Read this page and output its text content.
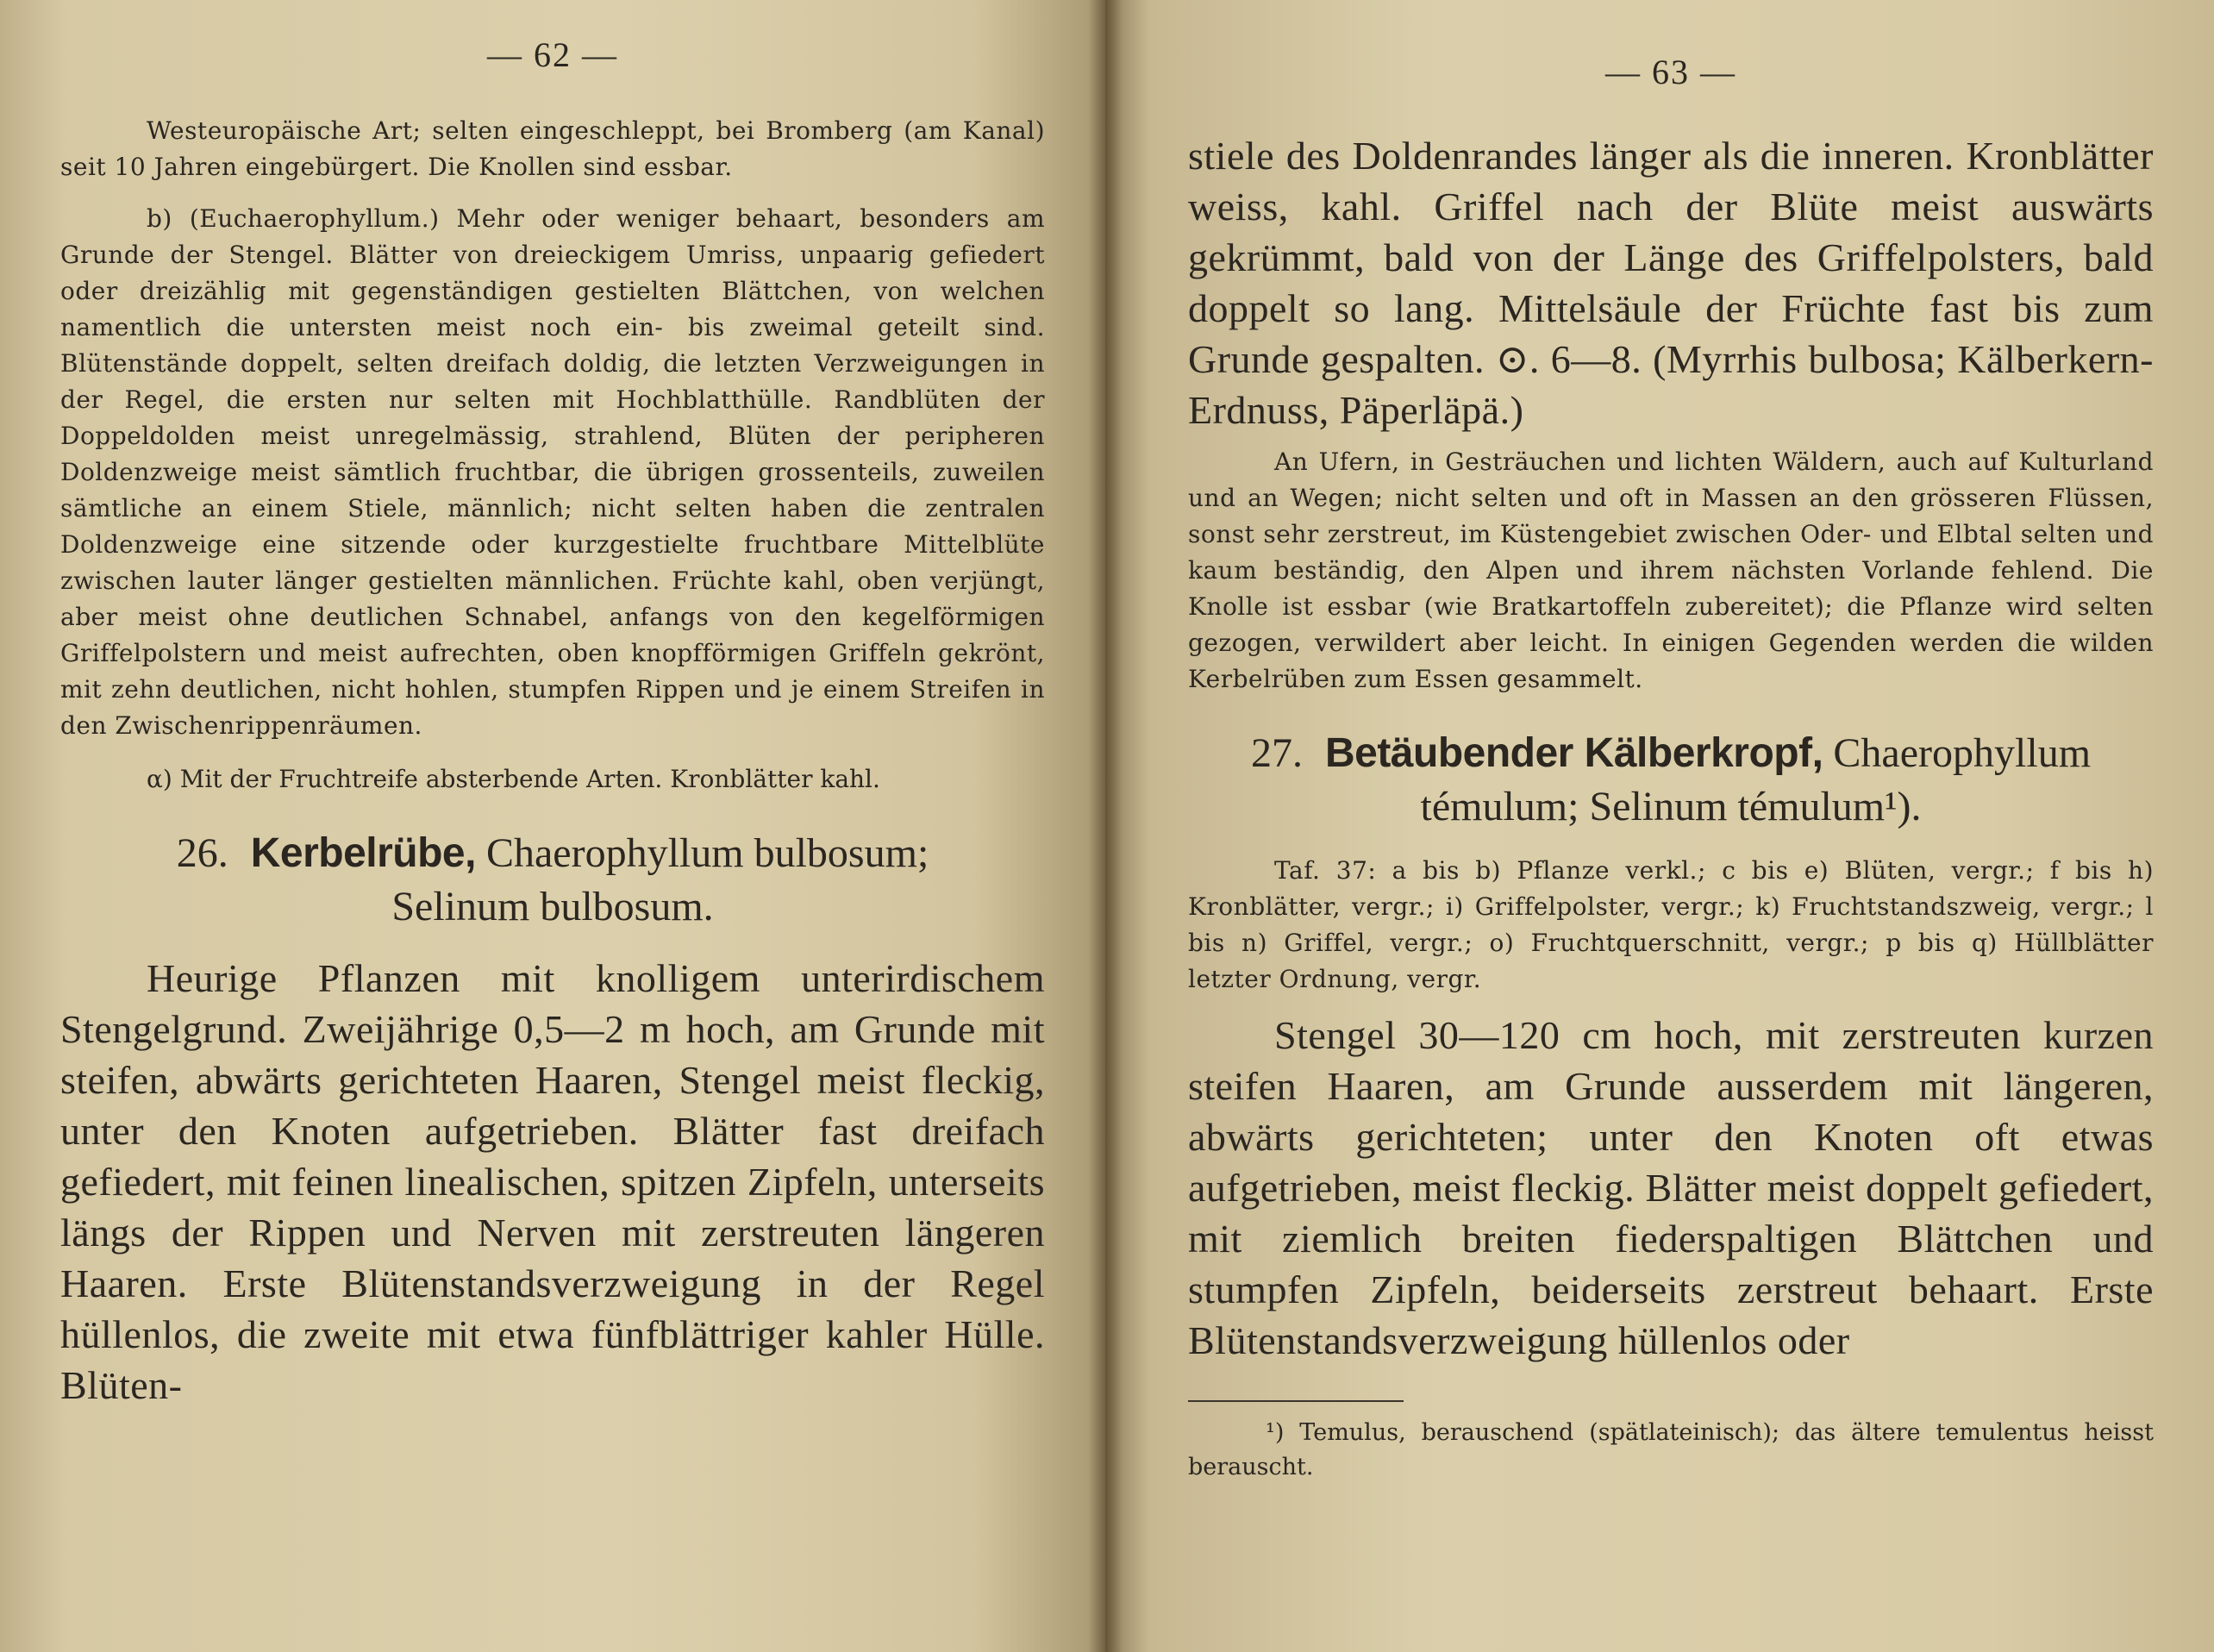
— 62 —

Westeuropäische Art; selten eingeschleppt, bei Bromberg (am Kanal) seit 10 Jahren eingebürgert. Die Knollen sind essbar.

b) (Euchaerophyllum.) Mehr oder weniger behaart, besonders am Grunde der Stengel. Blätter von dreieckigem Umriss, unpaarig gefiedert oder dreizählig mit gegenständigen gestielten Blättchen, von welchen namentlich die untersten meist noch ein- bis zweimal geteilt sind. Blütenstände doppelt, selten dreifach doldig, die letzten Verzweigungen in der Regel, die ersten nur selten mit Hochblatthülle. Randblüten der Doppeldolden meist unregelmässig, strahlend, Blüten der peripheren Doldenzweige meist sämtlich fruchtbar, die übrigen grossenteils, zuweilen sämtliche an einem Stiele, männlich; nicht selten haben die zentralen Doldenzweige eine sitzende oder kurzgestielte fruchtbare Mittelblüte zwischen lauter länger gestielten männlichen. Früchte kahl, oben verjüngt, aber meist ohne deutlichen Schnabel, anfangs von den kegelförmigen Griffelpolstern und meist aufrechten, oben knopfförmigen Griffeln gekrönt, mit zehn deutlichen, nicht hohlen, stumpfen Rippen und je einem Streifen in den Zwischenrippenräumen.

α) Mit der Fruchtreife absterbende Arten. Kronblätter kahl.

26. Kerbelrübe, Chaerophyllum bulbosum;
Selinum bulbosum.

Heurige Pflanzen mit knolligem unterirdischem Stengelgrund. Zweijährige 0,5—2 m hoch, am Grunde mit steifen, abwärts gerichteten Haaren, Stengel meist fleckig, unter den Knoten aufgetrieben. Blätter fast dreifach gefiedert, mit feinen linealischen, spitzen Zipfeln, unterseits längs der Rippen und Nerven mit zerstreuten längeren Haaren. Erste Blütenstandsverzweigung in der Regel hüllenlos, die zweite mit etwa fünfblättriger kahler Hülle. Blüten-

— 63 —

stiele des Doldenrandes länger als die inneren. Kronblätter weiss, kahl. Griffel nach der Blüte meist auswärts gekrümmt, bald von der Länge des Griffelpolsters, bald doppelt so lang. Mittelsäule der Früchte fast bis zum Grunde gespalten. ⊙. 6—8. (Myrrhis bulbosa; Kälberkern-Erdnuss, Päperläpä.)

An Ufern, in Gesträuchen und lichten Wäldern, auch auf Kulturland und an Wegen; nicht selten und oft in Massen an den grösseren Flüssen, sonst sehr zerstreut, im Küstengebiet zwischen Oder- und Elbtal selten und kaum beständig, den Alpen und ihrem nächsten Vorlande fehlend. Die Knolle ist essbar (wie Bratkartoffeln zubereitet); die Pflanze wird selten gezogen, verwildert aber leicht. In einigen Gegenden werden die wilden Kerbelrüben zum Essen gesammelt.

27. Betäubender Kälberkropf, Chaerophyllum
témulum; Selinum témulum¹).

Taf. 37: a bis b) Pflanze verkl.; c bis e) Blüten, vergr.; f bis h) Kronblätter, vergr.; i) Griffelpolster, vergr.; k) Fruchtstandszweig, vergr.; l bis n) Griffel, vergr.; o) Fruchtquerschnitt, vergr.; p bis q) Hüllblätter letzter Ordnung, vergr.

Stengel 30—120 cm hoch, mit zerstreuten kurzen steifen Haaren, am Grunde ausserdem mit längeren, abwärts gerichteten; unter den Knoten oft etwas aufgetrieben, meist fleckig. Blätter meist doppelt gefiedert, mit ziemlich breiten fiederspaltigen Blättchen und stumpfen Zipfeln, beiderseits zerstreut behaart. Erste Blütenstandsverzweigung hüllenlos oder

¹) Temulus, berauschend (spätlateinisch); das ältere temulentus heisst berauscht.
